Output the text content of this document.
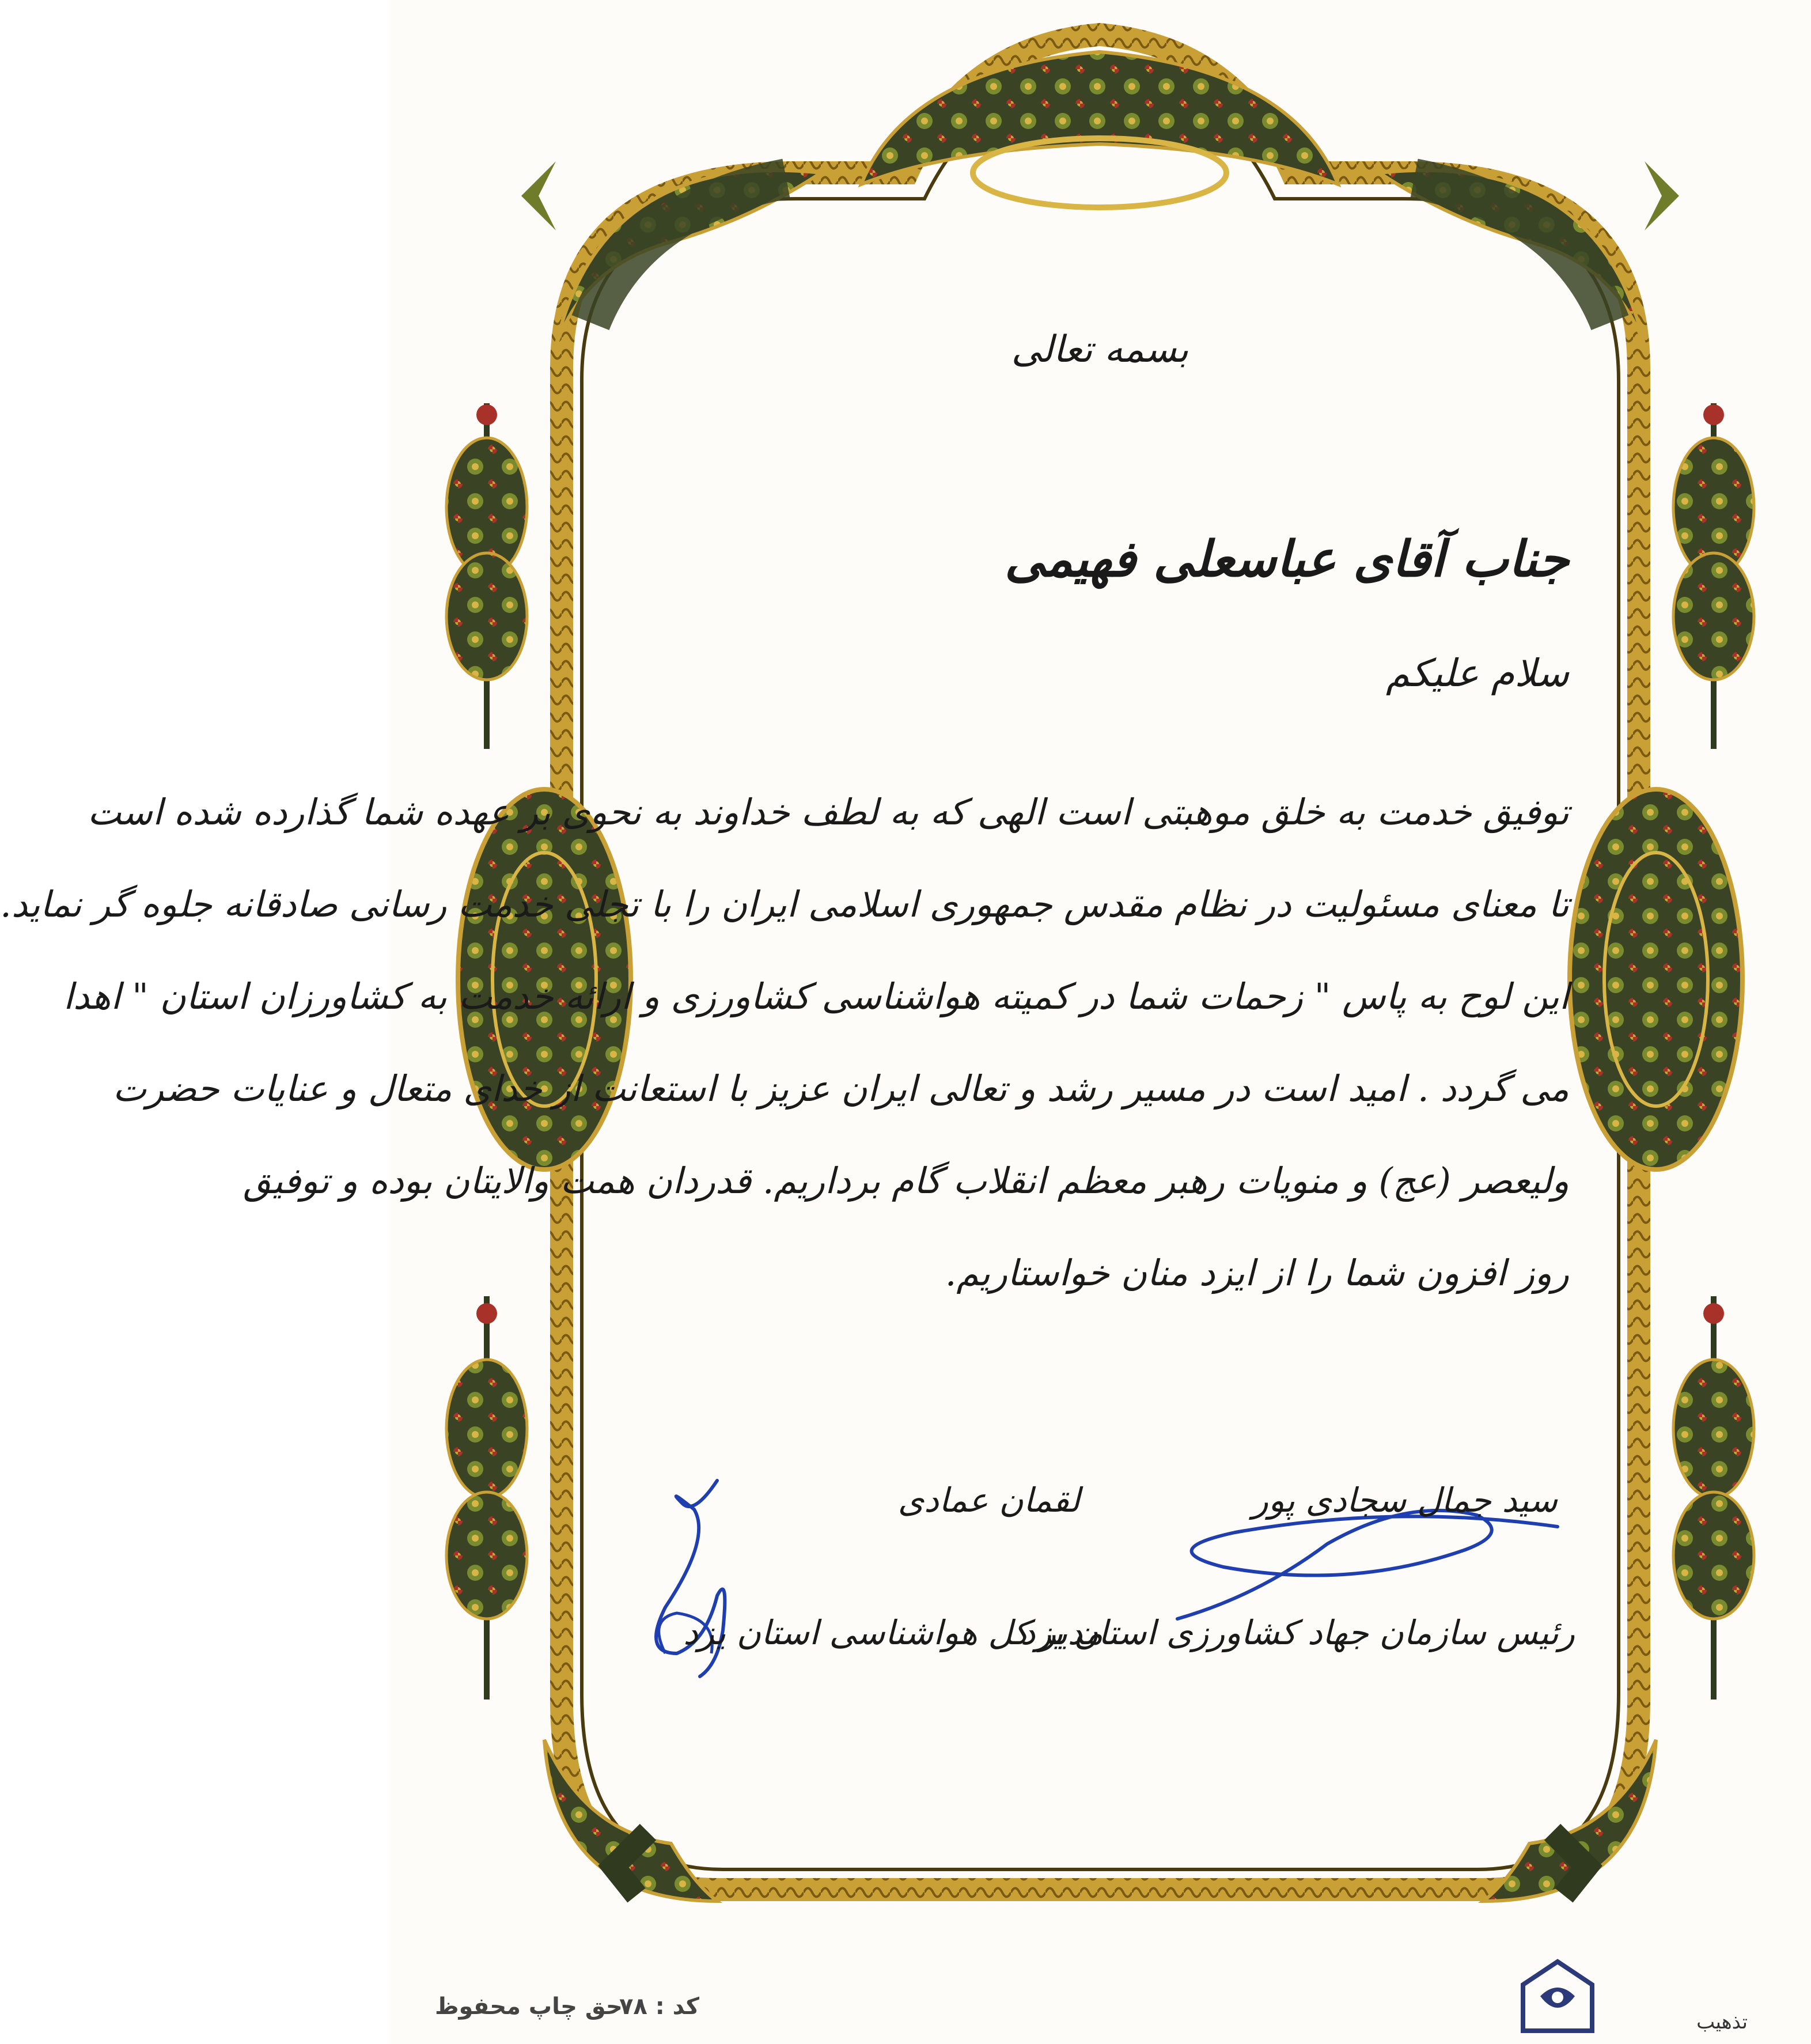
بسمه تعالی
جناب آقای عباسعلی فهیمی
سلام علیکم
توفیق خدمت به خلق موهبتی است الهی که به لطف خداوند به نحوی بر عهده شما گذارده شده است
تا معنای مسئولیت در نظام مقدس جمهوری اسلامی ایران را با تجلی خدمت رسانی صادقانه جلوه گر نماید.
این لوح به پاس " زحمات شما در کمیته هواشناسی کشاورزی و ارائه خدمت به کشاورزان استان " اهدا
می گردد . امید است در مسیر رشد و تعالی ایران عزیز با استعانت از خدای متعال و عنایات حضرت
ولیعصر (عج) و منویات رهبر معظم انقلاب گام برداریم. قدردان همت والایتان بوده و توفیق
روز افزون شما را از ایزد منان خواستاریم.
سید جمال سجادی پور
رئیس سازمان جهاد کشاورزی استان یزد
لقمان عمادی
مدیر کل هواشناسی استان یزد
حق چاپ محفوظ
کد : ۷۸
تذهیب
